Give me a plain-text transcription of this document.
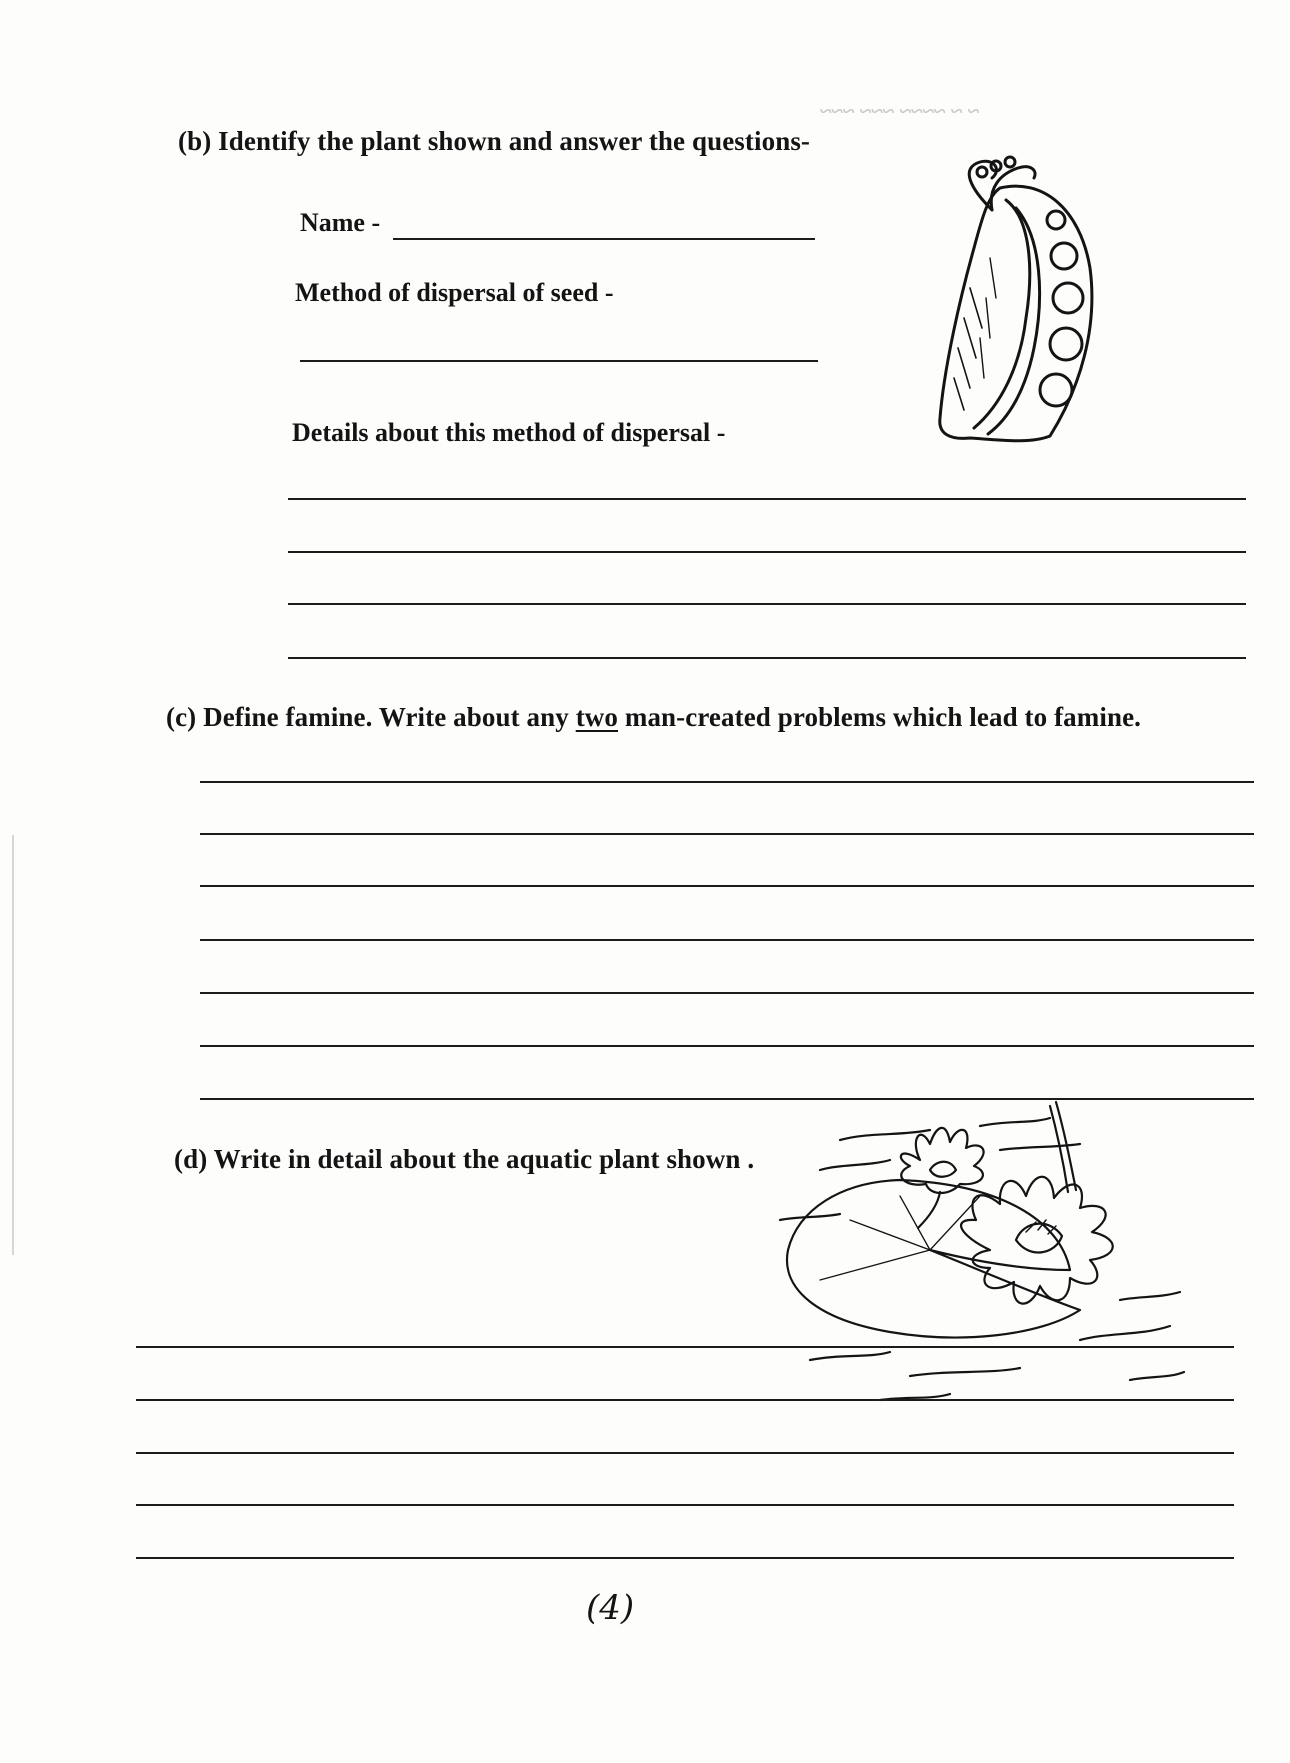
~ ~ ~~~~ ~~~ ~~~
(b) Identify the plant shown and answer the questions-
Name -
Method of dispersal of seed -
Details about this method of dispersal -
(c) Define famine. Write about any two man-created problems which lead to famine.
(d) Write in detail about the aquatic plant shown .
(4)
